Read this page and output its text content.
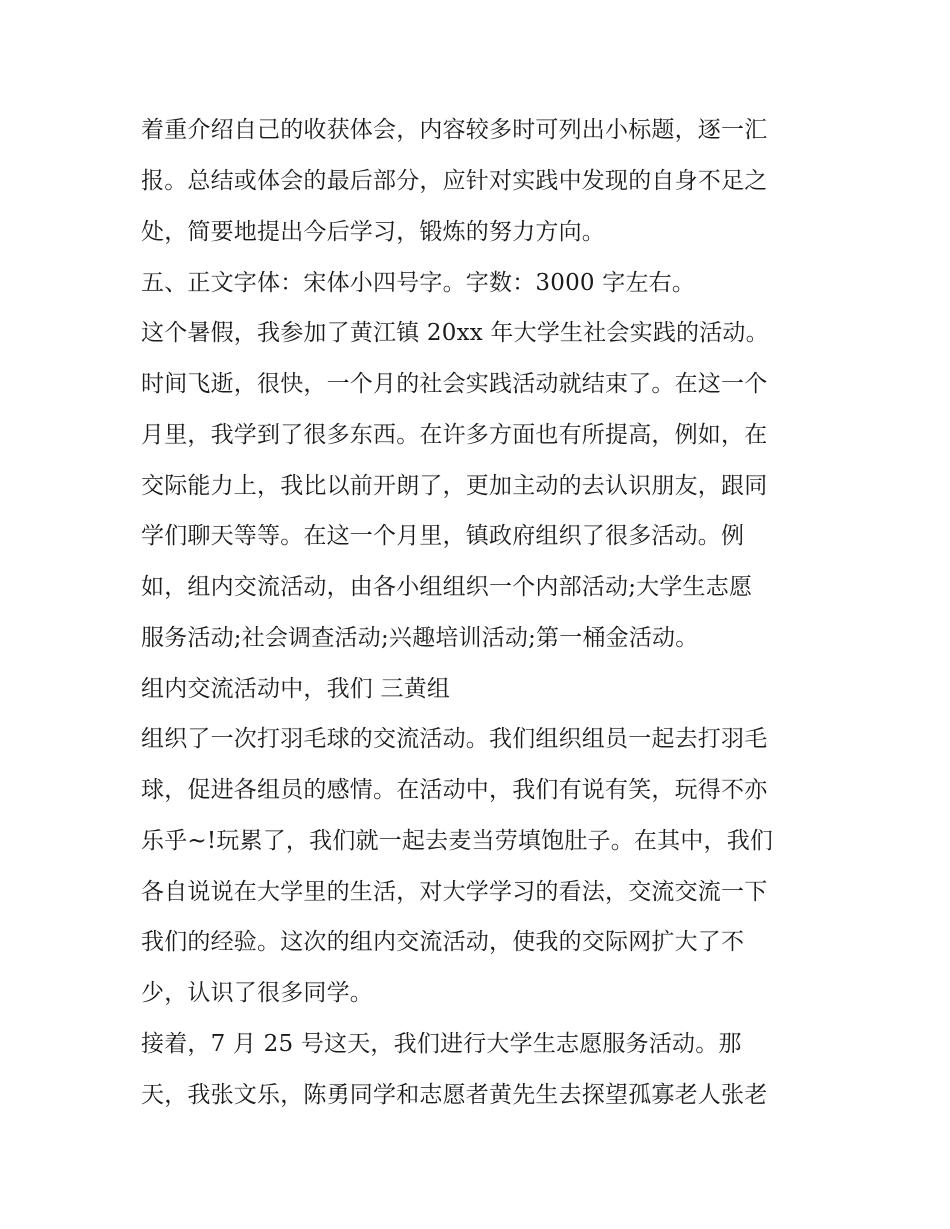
着重介绍自己的收获体会，内容较多时可列出小标题，逐一汇

报。总结或体会的最后部分，应针对实践中发现的自身不足之

处，简要地提出今后学习，锻炼的努力方向。

五、正文字体：宋体小四号字。字数：3000 字左右。

这个暑假，我参加了黄江镇 20xx 年大学生社会实践的活动。

时间飞逝，很快，一个月的社会实践活动就结束了。在这一个

月里，我学到了很多东西。在许多方面也有所提高，例如，在

交际能力上，我比以前开朗了，更加主动的去认识朋友，跟同

学们聊天等等。在这一个月里，镇政府组织了很多活动。例

如，组内交流活动，由各小组组织一个内部活动;大学生志愿

服务活动;社会调查活动;兴趣培训活动;第一桶金活动。

组内交流活动中，我们 三黄组

组织了一次打羽毛球的交流活动。我们组织组员一起去打羽毛

球，促进各组员的感情。在活动中，我们有说有笑，玩得不亦

乐乎~!玩累了，我们就一起去麦当劳填饱肚子。在其中，我们

各自说说在大学里的生活，对大学学习的看法，交流交流一下

我们的经验。这次的组内交流活动，使我的交际网扩大了不

少，认识了很多同学。

接着，7 月 25 号这天，我们进行大学生志愿服务活动。那

天，我张文乐，陈勇同学和志愿者黄先生去探望孤寡老人张老
